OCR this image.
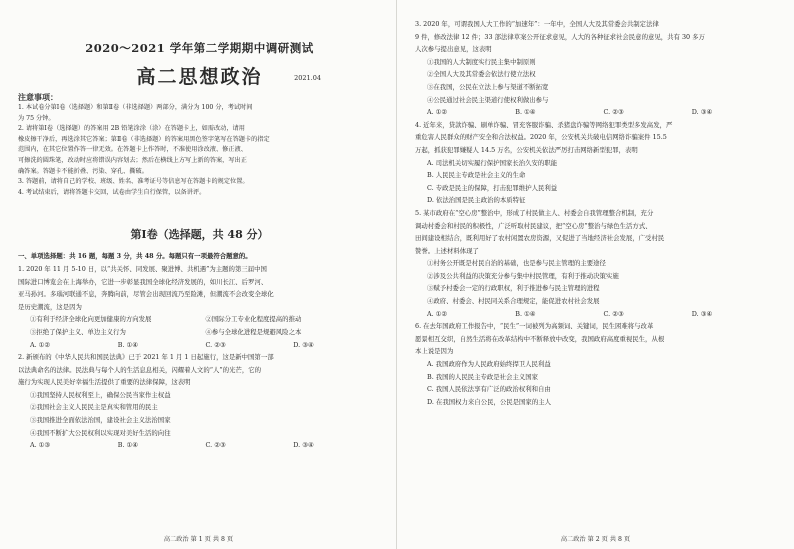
2020～2021 学年第二学期期中调研测试
高二思想政治	2021.04
注意事项：
1. 本试卷分第Ⅰ卷（选择题）和第Ⅱ卷（非选择题）两部分，满分为 100 分，考试时间
为 75 分钟。
2. 请将第Ⅰ卷（选择题）的答案用 2B 铅笔涂涂（涂）在答题卡上，如需改动，请用
橡皮擦干净后，再选涂其它答案；第Ⅱ卷（非选择题）的答案用黑色签字笔写在答题卡的指定
范围内，在其它位置作答一律无效。在答题卡上作答时，不准使用涂改液、修正液、
可擦洗的圆珠笔，改动时应将错误内容划去；然后在横线上方写上新的答案，写出正
确答案。答题卡不能折叠、污染、穿孔、撕破。
3. 答题前，请将自己的学校、班级、姓名、准考证号等信息写在答题卡的规定位置。
4. 考试结束后，请将答题卡交回，试卷由学生自行保管，以备讲评。
第Ⅰ卷（选择题，共 48 分）
一、单项选择题：共 16 题，每题 3 分，共 48 分。每题只有一项最符合题意的。
1. 2020 年 11 月 5-10 日，以“共关怀、同发展、聚进博、共机遇”为主题的第三届中国
国际进口博览会在上海举办，它进一步彰显我国全球化经济发展的，如川长江、后罗河、
亚马孙河。多瑙河联通不息，奔腾向前，尽管会出现回流乃至险滩，但潮流不会改变全球化
是历史潮流，这是因为
①有利于经济全球化向更加健康的方向发展	②国际分工专业化程度提高的推动
③拒绝了保护主义、单边主义行为	④参与全球化进程是规避风险之本
A. ①②	B. ①④	C. ②③	D. ③④
2. 新颁布的《中华人民共和国民法典》已于 2021 年 1 月 1 日起施行，这是新中国第一部
以法典命名的法律。民法典与每个人的生活息息相关，闪耀着人文的“人”的光芒，它的
施行为实现人民美好幸福生活提供了重要的法律保障，这表明
①我国坚持人民权利至上，确保公民当家作主权益
②我国社会主义人民民主是真实和管用的民主
③我国推进全面依法治国，建设社会主义法治国家
④我国不断扩大公民权利以实现对美好生活的向往
A. ①③	B. ①④	C. ②③	D. ③④
高二政治 第 1 页 共 8 页
3. 2020 年，可谓我国人大工作的“加速年”：一年中，全国人大及其常委会共制定法律
9 件，修改法律 12 件；33 部法律草案公开征求意见，人大的各种征求社会民意的意见，共有 30 多万
人次参与提出意见，这表明
①我国的人大制度实行民主集中制原则
②全国人大及其常委会依法行使立法权
③在我国，公民在立法上参与渠道不断拓宽
④公民通过社会民主渠道行使权利做出参与
A. ①②	B. ①④	C. ②③	D. ③④
4. 近年来，贷款诈骗、刷单诈骗、冒充客服诈骗、杀猪盘诈骗等网络犯罪类型多发高发，严
重危害人民群众的财产安全和合法权益。2020 年，公安机关共破电信网络诈骗案件 15.5
万起，抓获犯罪嫌疑人 14.5 万名，公安机关依法严厉打击网络新型犯罪，表明
A. 司法机关切实履行保护国家长治久安的职能
B. 人民民主专政是社会主义的生命
C. 专政是民主的保障，打击犯罪维护人民利益
D. 依法治国是民主政治的本质特征
5. 某市政府在“空心房”整治中，形成了村民做主人、村委会自我管理整合机制，充分
调动村委会和村民的积极性，广泛听取村民建议，把“空心房”整治与绿色生活方式、
田间建设相结合，既利用好了农村闲置农房资源，又促进了当地经济社会发展，广受村民
赞誉。上述材料体现了
①村务公开既是村民自治的基础，也是参与民主管理的主要途径
②涉及公共利益的决策充分参与集中村民管理，有利于推动决策实施
③赋予村委会一定的行政职权，利于推进参与民主管理的进程
④政府、村委会、村民同关系合理规定，能促进农村社会发展
A. ①②	B. ①④	C. ②③	D. ③④
6. 在去年国政府工作报告中，“民生”一词被列为高频词、关键词，民生困难将与改革
愿景相互交织，自然生活将在改革结构中不断释放中改变，我国政府高度重视民生，从根
本上说是因为
A. 我国政府作为人民政府始终捍卫人民利益
B. 我国的人民民主专政是社会主义国家
C. 我国人民依法享有广泛的政治权利和自由
D. 在我国权力来自公民，公民是国家的主人
高二政治 第 2 页 共 8 页
